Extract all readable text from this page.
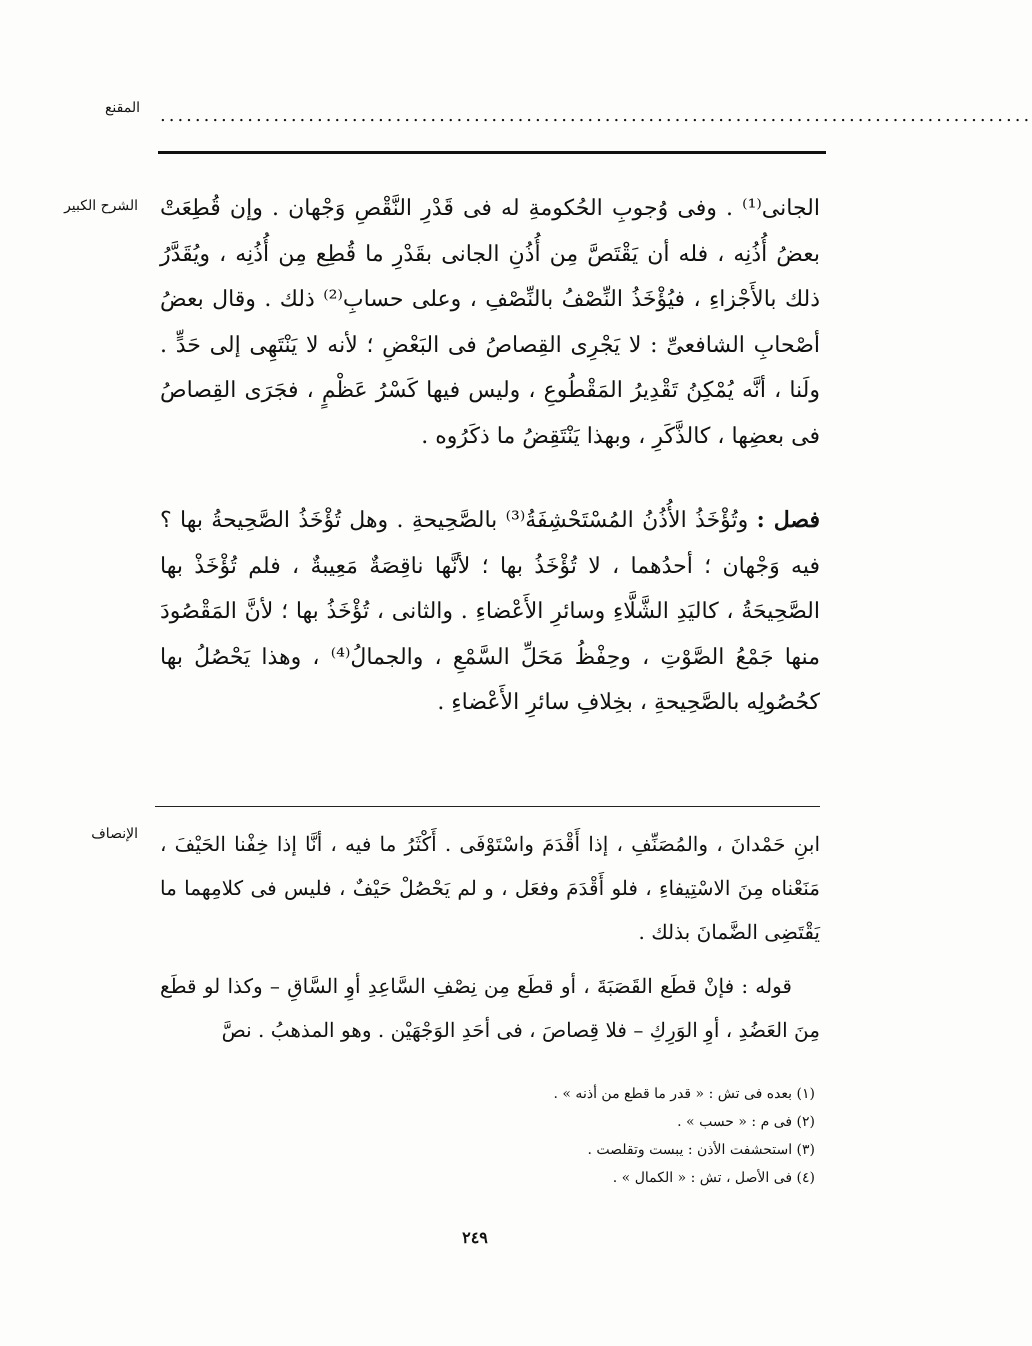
المقنع ....................................................................................................
الشرح الكبير الجانى⁽¹⁾ . وفى وُجوبِ الحُكومةِ له فى قَدْرِ النَّقْصِ وَجْهان . وإن قُطِعَتْ بعضُ أُذُنِه ، فله أن يَقْتَصَّ مِن أُذُنِ الجانى بقَدْرِ ما قُطِع مِن أُذُنِه ، ويُقَدَّرُ ذلك بالأَجْزاءِ ، فيُؤْخَذُ النِّصْفُ بالنِّصْفِ ، وعلى حسابِ⁽²⁾ ذلك . وقال بعضُ أصْحابِ الشافعىِّ : لا يَجْرِى القِصاصُ فى البَعْضِ ؛ لأنه لا يَنْتَهِى إلى حَدٍّ . ولَنا ، أنَّه يُمْكِنُ تَقْدِيرُ المَقْطُوعِ ، وليس فيها كَسْرُ عَظْمٍ ، فجَرَى القِصاصُ فى بعضِها ، كالذَّكَرِ ، وبهذا يَنْتَقِضُ ما ذكَرُوه .

فصل : وتُؤْخَذُ الأُذُنُ المُسْتَحْشِفَةُ⁽³⁾ بالصَّحِيحةِ . وهل تُؤْخَذُ الصَّحِيحةُ بها ؟ فيه وَجْهان ؛ أحدُهما ، لا تُؤْخَذُ بها ؛ لأنَّها ناقِصَةٌ مَعِيبةٌ ، فلم تُؤْخَذْ بها الصَّحِيحَةُ ، كاليَدِ الشَّلَّاءِ وسائرِ الأَعْضاءِ . والثانى ، تُؤْخَذُ بها ؛ لأنَّ المَقْصُودَ منها جَمْعُ الصَّوْتِ ، وحِفْظُ مَحَلِّ السَّمْعِ ، والجمالُ⁽⁴⁾ ، وهذا يَحْصُلُ بها كحُصُولِه بالصَّحِيحةِ ، بخِلافِ سائرِ الأَعْضاءِ .

الإنصاف ابنِ حَمْدانَ ، والمُصَنِّفِ ، إذا أَقْدَمَ واسْتَوْفَى . أَكْثَرُ ما فيه ، أنَّا إذا خِفْنا الحَيْفَ ، مَنَعْناه مِنَ الاسْتِيفاءِ ، فلو أَقْدَمَ وفعَل ، و لم يَحْصُلْ حَيْفٌ ، فليس فى كلامِهما ما يَقْتَضِى الضَّمانَ بذلك .

قوله : فإنْ قطَع القَصَبَةَ ، أو قطَع مِن نِصْفِ السَّاعِدِ أوِ السَّاقِ – وكذا لو قطَع مِنَ العَضُدِ ، أوِ الوَرِكِ – فلا قِصاصَ ، فى أحَدِ الوَجْهَيْن . وهو المذهبُ . نصَّ

(١) بعده فى تش : « قدر ما قطع من أذنه » .
(٢) فى م : « حسب » .
(٣) استحشفت الأذن : يبست وتقلصت .
(٤) فى الأصل ، تش : « الكمال » .
٢٤٩
